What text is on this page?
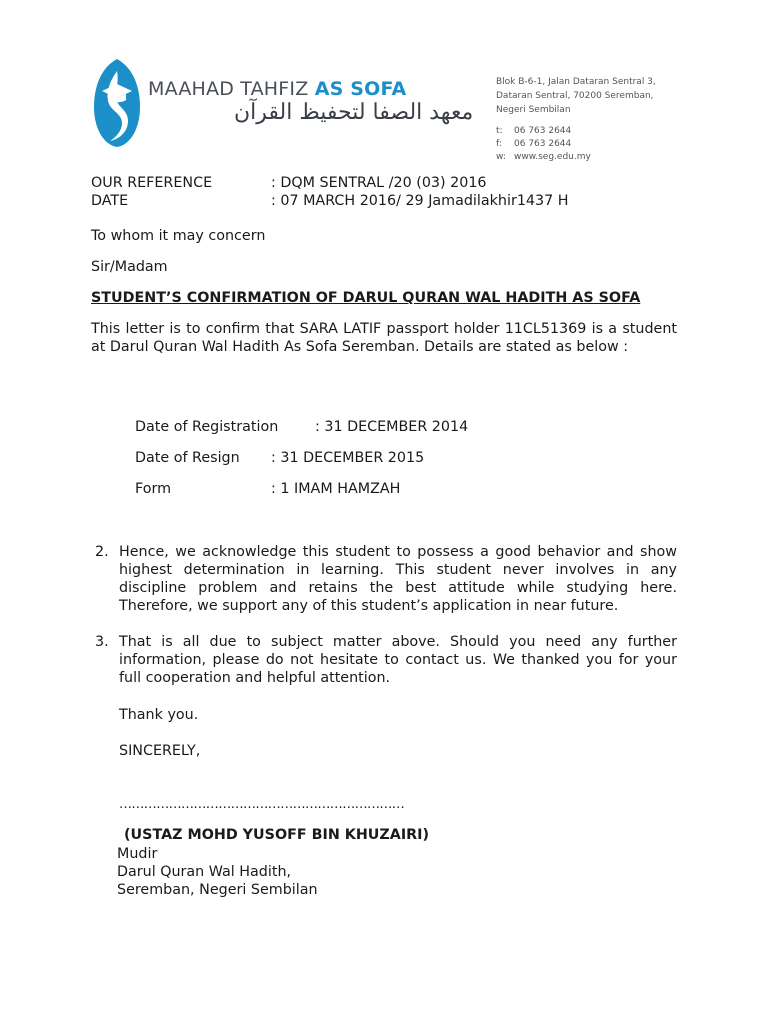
MAAHAD TAHFIZ AS SOFA
معهد الصفا لتحفيظ القرآن
Blok B-6-1, Jalan Dataran Sentral 3,
Dataran Sentral, 70200 Seremban,
Negeri Sembilan
t: 06 763 2644
f: 06 763 2644
w: www.seg.edu.my
OUR REFERENCE	: DQM SENTRAL /20 (03) 2016
DATE	: 07 MARCH 2016/ 29 Jamadilakhir1437 H
To whom it may concern
Sir/Madam
STUDENT’S CONFIRMATION OF DARUL QURAN WAL HADITH AS SOFA
This letter is to confirm that SARA LATIF passport holder 11CL51369 is a student at Darul Quran Wal Hadith As Sofa Seremban. Details are stated as below :
Date of Registration	: 31 DECEMBER 2014
Date of Resign : 31 DECEMBER 2015
Form	: 1 IMAM HAMZAH
2. Hence, we acknowledge this student to possess a good behavior and show highest determination in learning. This student never involves in any discipline problem and retains the best attitude while studying here. Therefore, we support any of this student’s application in near future.
3. That is all due to subject matter above. Should you need any further information, please do not hesitate to contact us. We thanked you for your full cooperation and helpful attention.
Thank you.
SINCERELY,
……………………………………………………………
(USTAZ MOHD YUSOFF BIN KHUZAIRI)
Mudir
Darul Quran Wal Hadith,
Seremban, Negeri Sembilan
